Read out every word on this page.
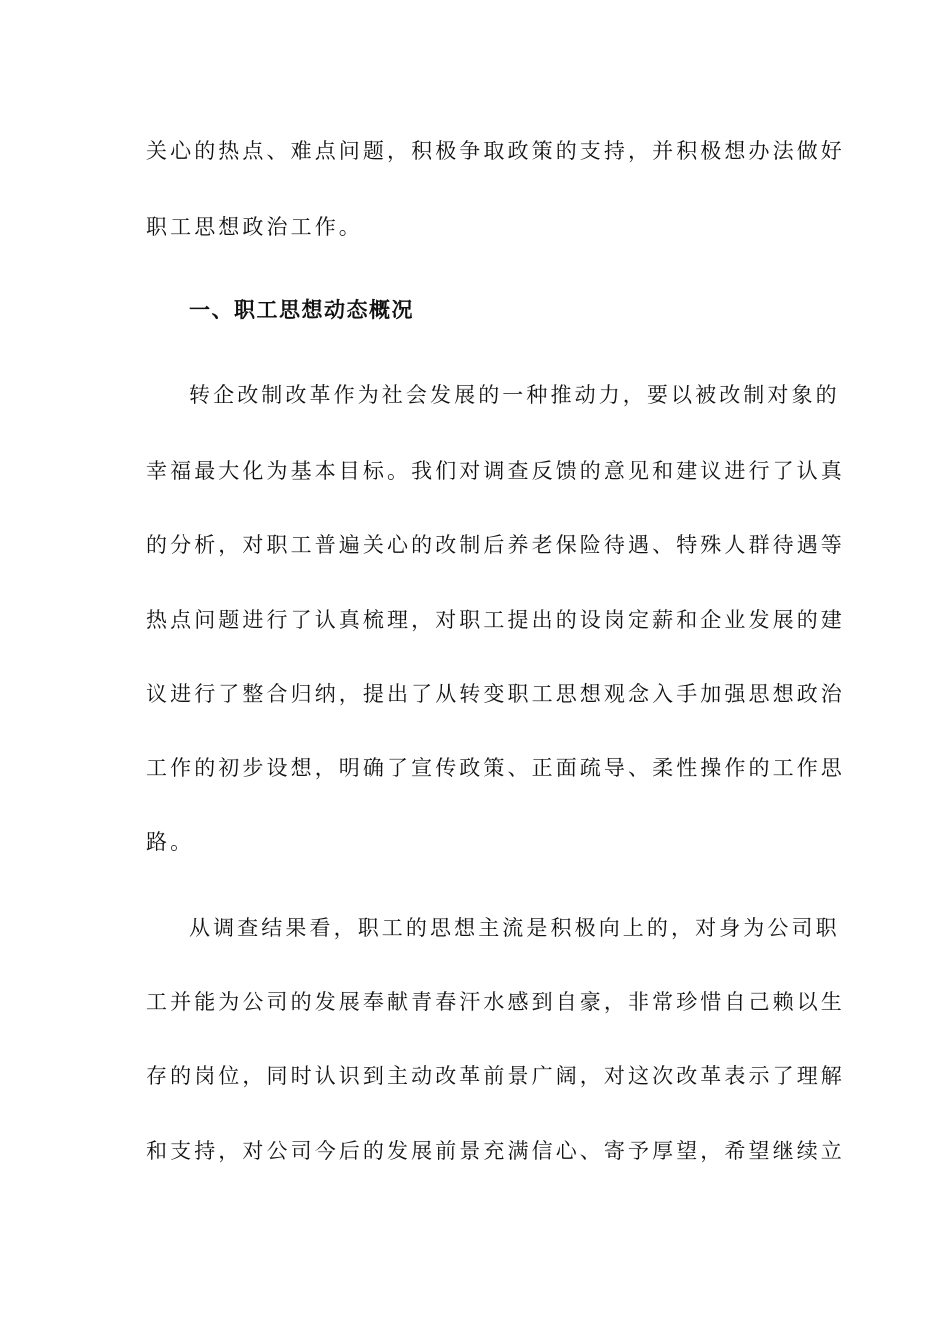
关心的热点、难点问题，积极争取政策的支持，并积极想办法做好
职工思想政治工作。
一、职工思想动态概况
转企改制改革作为社会发展的一种推动力，要以被改制对象的
幸福最大化为基本目标。我们对调查反馈的意见和建议进行了认真
的分析，对职工普遍关心的改制后养老保险待遇、特殊人群待遇等
热点问题进行了认真梳理，对职工提出的设岗定薪和企业发展的建
议进行了整合归纳，提出了从转变职工思想观念入手加强思想政治
工作的初步设想，明确了宣传政策、正面疏导、柔性操作的工作思
路。
从调查结果看，职工的思想主流是积极向上的，对身为公司职
工并能为公司的发展奉献青春汗水感到自豪，非常珍惜自己赖以生
存的岗位，同时认识到主动改革前景广阔，对这次改革表示了理解
和支持，对公司今后的发展前景充满信心、寄予厚望，希望继续立
